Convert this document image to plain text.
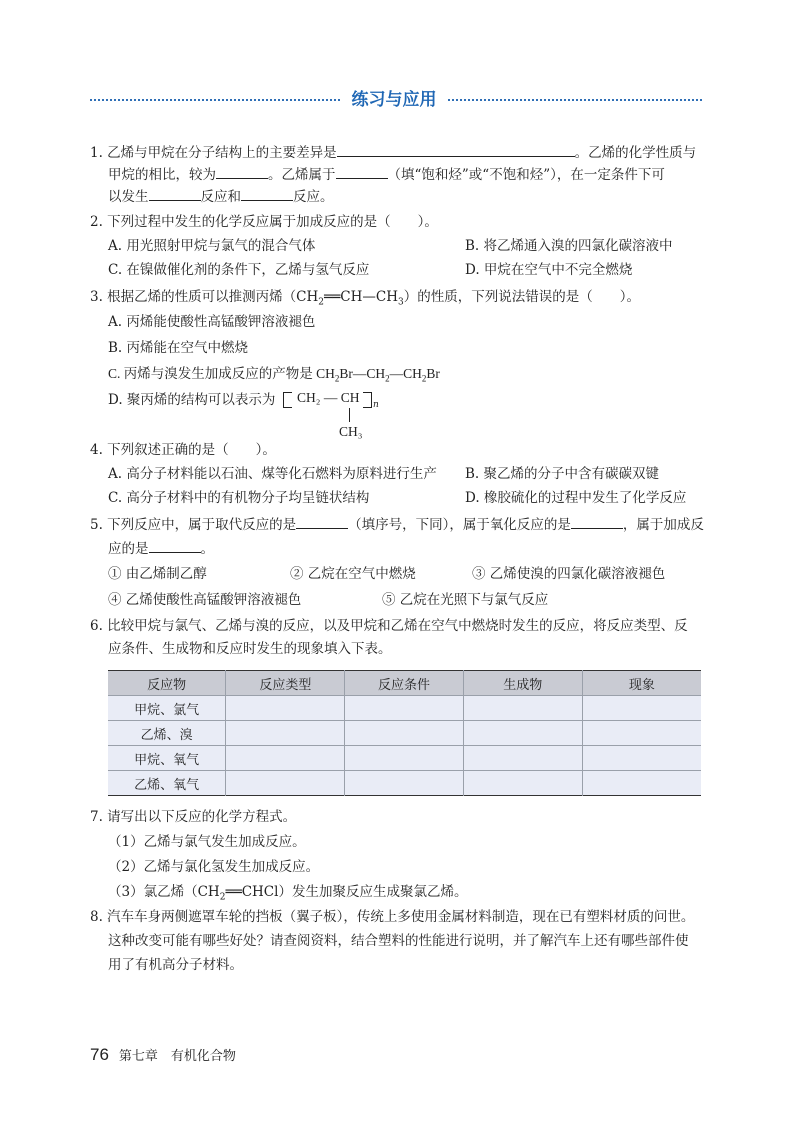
练习与应用
1. 乙烯与甲烷在分子结构上的主要差异是	。乙烯的化学性质与
甲烷的相比，较为	。乙烯属于	（填“饱和烃”或“不饱和烃”），在一定条件下可
以发生	反应和	反应。
2. 下列过程中发生的化学反应属于加成反应的是（　　）。
A. 用光照射甲烷与氯气的混合气体	B. 将乙烯通入溴的四氯化碳溶液中
C. 在镍做催化剂的条件下，乙烯与氢气反应	D. 甲烷在空气中不完全燃烧
3. 根据乙烯的性质可以推测丙烯$(CH_2══CH—CH_3)$的性质，下列说法错误的是（　　）。
A. 丙烯能使酸性高锰酸钾溶液褪色
B. 丙烯能在空气中燃烧
C. 丙烯与溴发生加成反应的产物是 $CH_2Br—CH_2—CH_2Br$
D. 聚丙烯的结构可以表示为 CH₂ — CH n
CH₃
4. 下列叙述正确的是（　　）。
A. 高分子材料能以石油、煤等化石燃料为原料进行生产 B. 聚乙烯的分子中含有碳碳双键
C. 高分子材料中的有机物分子均呈链状结构	D. 橡胶硫化的过程中发生了化学反应
5. 下列反应中，属于取代反应的是	（填序号，下同），属于氧化反应的是	，属于加成反
应的是	。
① 由乙烯制乙醇	② 乙烷在空气中燃烧	③ 乙烯使溴的四氯化碳溶液褪色
④ 乙烯使酸性高锰酸钾溶液褪色	⑤ 乙烷在光照下与氯气反应
6. 比较甲烷与氯气、乙烯与溴的反应，以及甲烷和乙烯在空气中燃烧时发生的反应，将反应类型、反
应条件、生成物和反应时发生的现象填入下表。
反应物	反应类型	反应条件	生成物	现象
甲烷、氯气				
乙烯、溴				
甲烷、氧气				
乙烯、氧气				
7. 请写出以下反应的化学方程式。
（1）乙烯与氯气发生加成反应。
（2）乙烯与氯化氢发生加成反应。
（3）氯乙烯$(CH_2══CHCl)$发生加聚反应生成聚氯乙烯。
8. 汽车车身两侧遮罩车轮的挡板（翼子板），传统上多使用金属材料制造，现在已有塑料材质的问世。
这种改变可能有哪些好处？请查阅资料，结合塑料的性能进行说明，并了解汽车上还有哪些部件使
用了有机高分子材料。
76 第七章　有机化合物
